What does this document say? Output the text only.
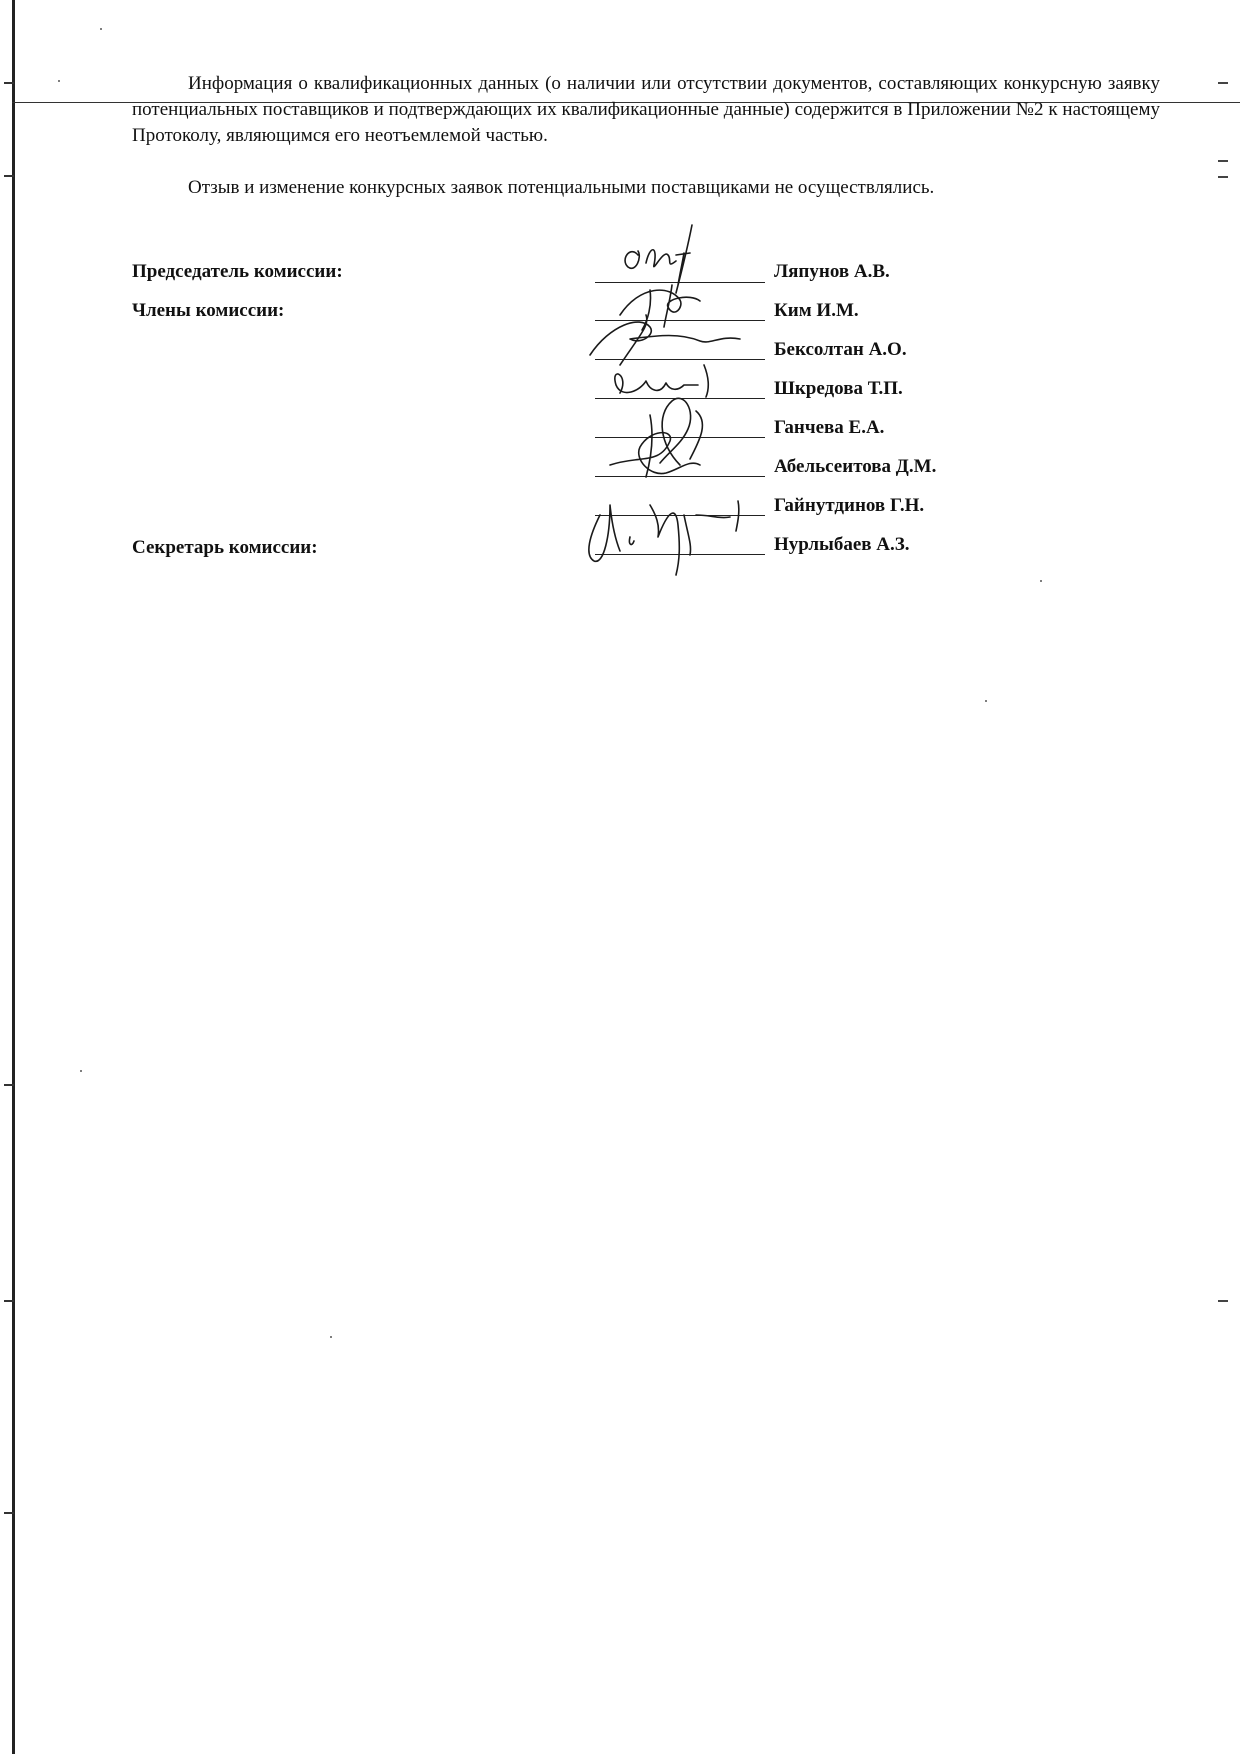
Информация о квалификационных данных (о наличии или отсутствии документов, составляющих конкурсную заявку потенциальных поставщиков и подтверждающих их квалификационные данные) содержится в Приложении №2 к настоящему Протоколу, являющимся его неотъемлемой частью.

Отзыв и изменение конкурсных заявок потенциальными поставщиками не осуществлялись.

Председатель комиссии:
Члены комиссии:
Секретарь комиссии:
Ляпунов А.В.
Ким И.М.
Бексолтан А.О.
Шкредова Т.П.
Ганчева Е.А.
Абельсеитова Д.М.
Гайнутдинов Г.Н.
Нурлыбаев А.З.
